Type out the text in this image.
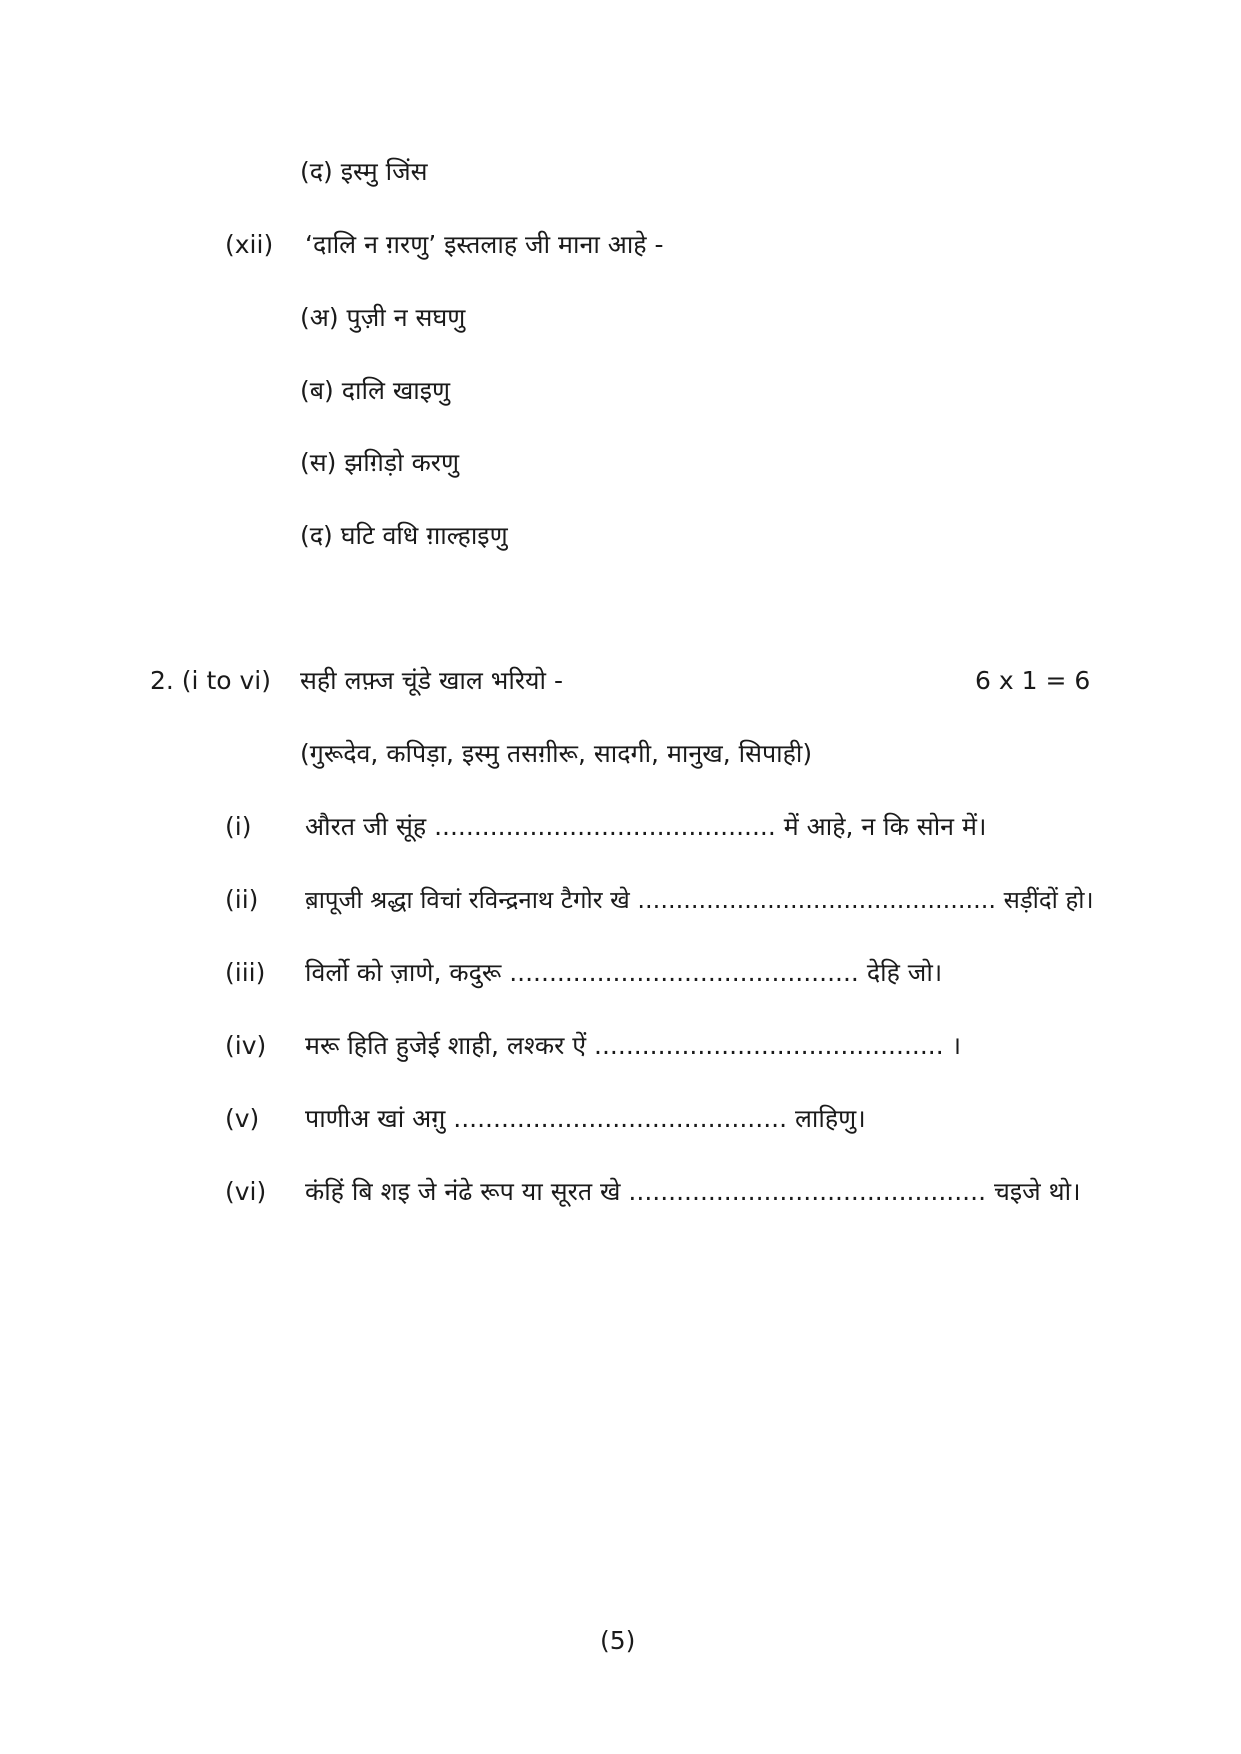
(द) इस्मु जिंस
(xii) ‘दालि न ग़रणु’ इस्तलाह जी माना आहे -
(अ) पुज़ी न सघणु
(ब) दालि खाइणु
(स) झग़िड़ो करणु
(द) घटि वधि ग़ाल्हाइणु
2. (i to vi) सही लफ़्ज चूंडे खाल भरियो -	6 x 1 = 6
(गुरूदेव, कपिड़ा, इस्मु तसग़ीरू, सादगी, मानुख, सिपाही)
(i) औरत जी सूंह ........................................... में आहे, न कि सोन में।
(ii) ब़ापूजी श्रद्धा विचां रविन्द्रनाथ टैगोर खे ............................................... सड़ींदों हो।
(iii) विर्लो को ज़ाणे, कदुरू ............................................ देहि जो।
(iv) मरू हिति हुजेई शाही, लश्कर ऐं ............................................ ।
(v) पाणीअ खां अग़ु .......................................... लाहिणु।
(vi) कंहिं बि शइ जे नंढे रूप या सूरत खे ............................................. चइजे थो।
(5)
